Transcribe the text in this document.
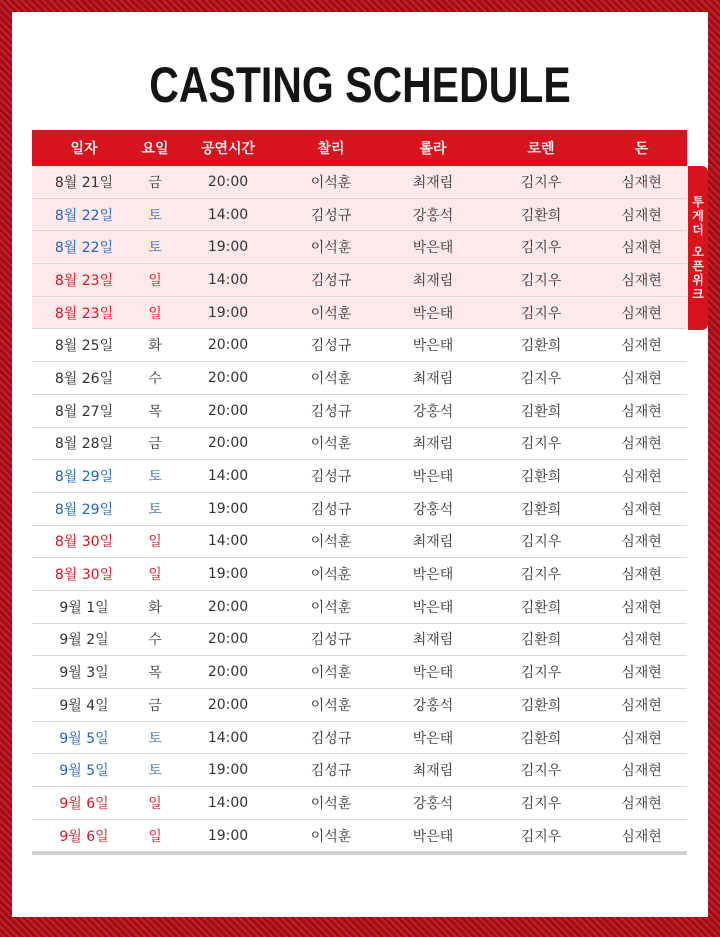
CASTING SCHEDULE
일자	요일	공연시간	찰리	롤라	로렌	돈
8월 21일	금	20:00	이석훈	최재림	김지우	심재현
8월 22일	토	14:00	김성규	강홍석	김환희	심재현
8월 22일	토	19:00	이석훈	박은태	김지우	심재현
8월 23일	일	14:00	김성규	최재림	김지우	심재현
8월 23일	일	19:00	이석훈	박은태	김지우	심재현
8월 25일	화	20:00	김성규	박은태	김환희	심재현
8월 26일	수	20:00	이석훈	최재림	김지우	심재현
8월 27일	목	20:00	김성규	강홍석	김환희	심재현
8월 28일	금	20:00	이석훈	최재림	김지우	심재현
8월 29일	토	14:00	김성규	박은태	김환희	심재현
8월 29일	토	19:00	김성규	강홍석	김환희	심재현
8월 30일	일	14:00	이석훈	최재림	김지우	심재현
8월 30일	일	19:00	이석훈	박은태	김지우	심재현
9월 1일	화	20:00	이석훈	박은태	김환희	심재현
9월 2일	수	20:00	김성규	최재림	김환희	심재현
9월 3일	목	20:00	이석훈	박은태	김지우	심재현
9월 4일	금	20:00	이석훈	강홍석	김환희	심재현
9월 5일	토	14:00	김성규	박은태	김환희	심재현
9월 5일	토	19:00	김성규	최재림	김지우	심재현
9월 6일	일	14:00	이석훈	강홍석	김지우	심재현
9월 6일	일	19:00	이석훈	박은태	김지우	심재현
투
게
더
오
픈
위
크
